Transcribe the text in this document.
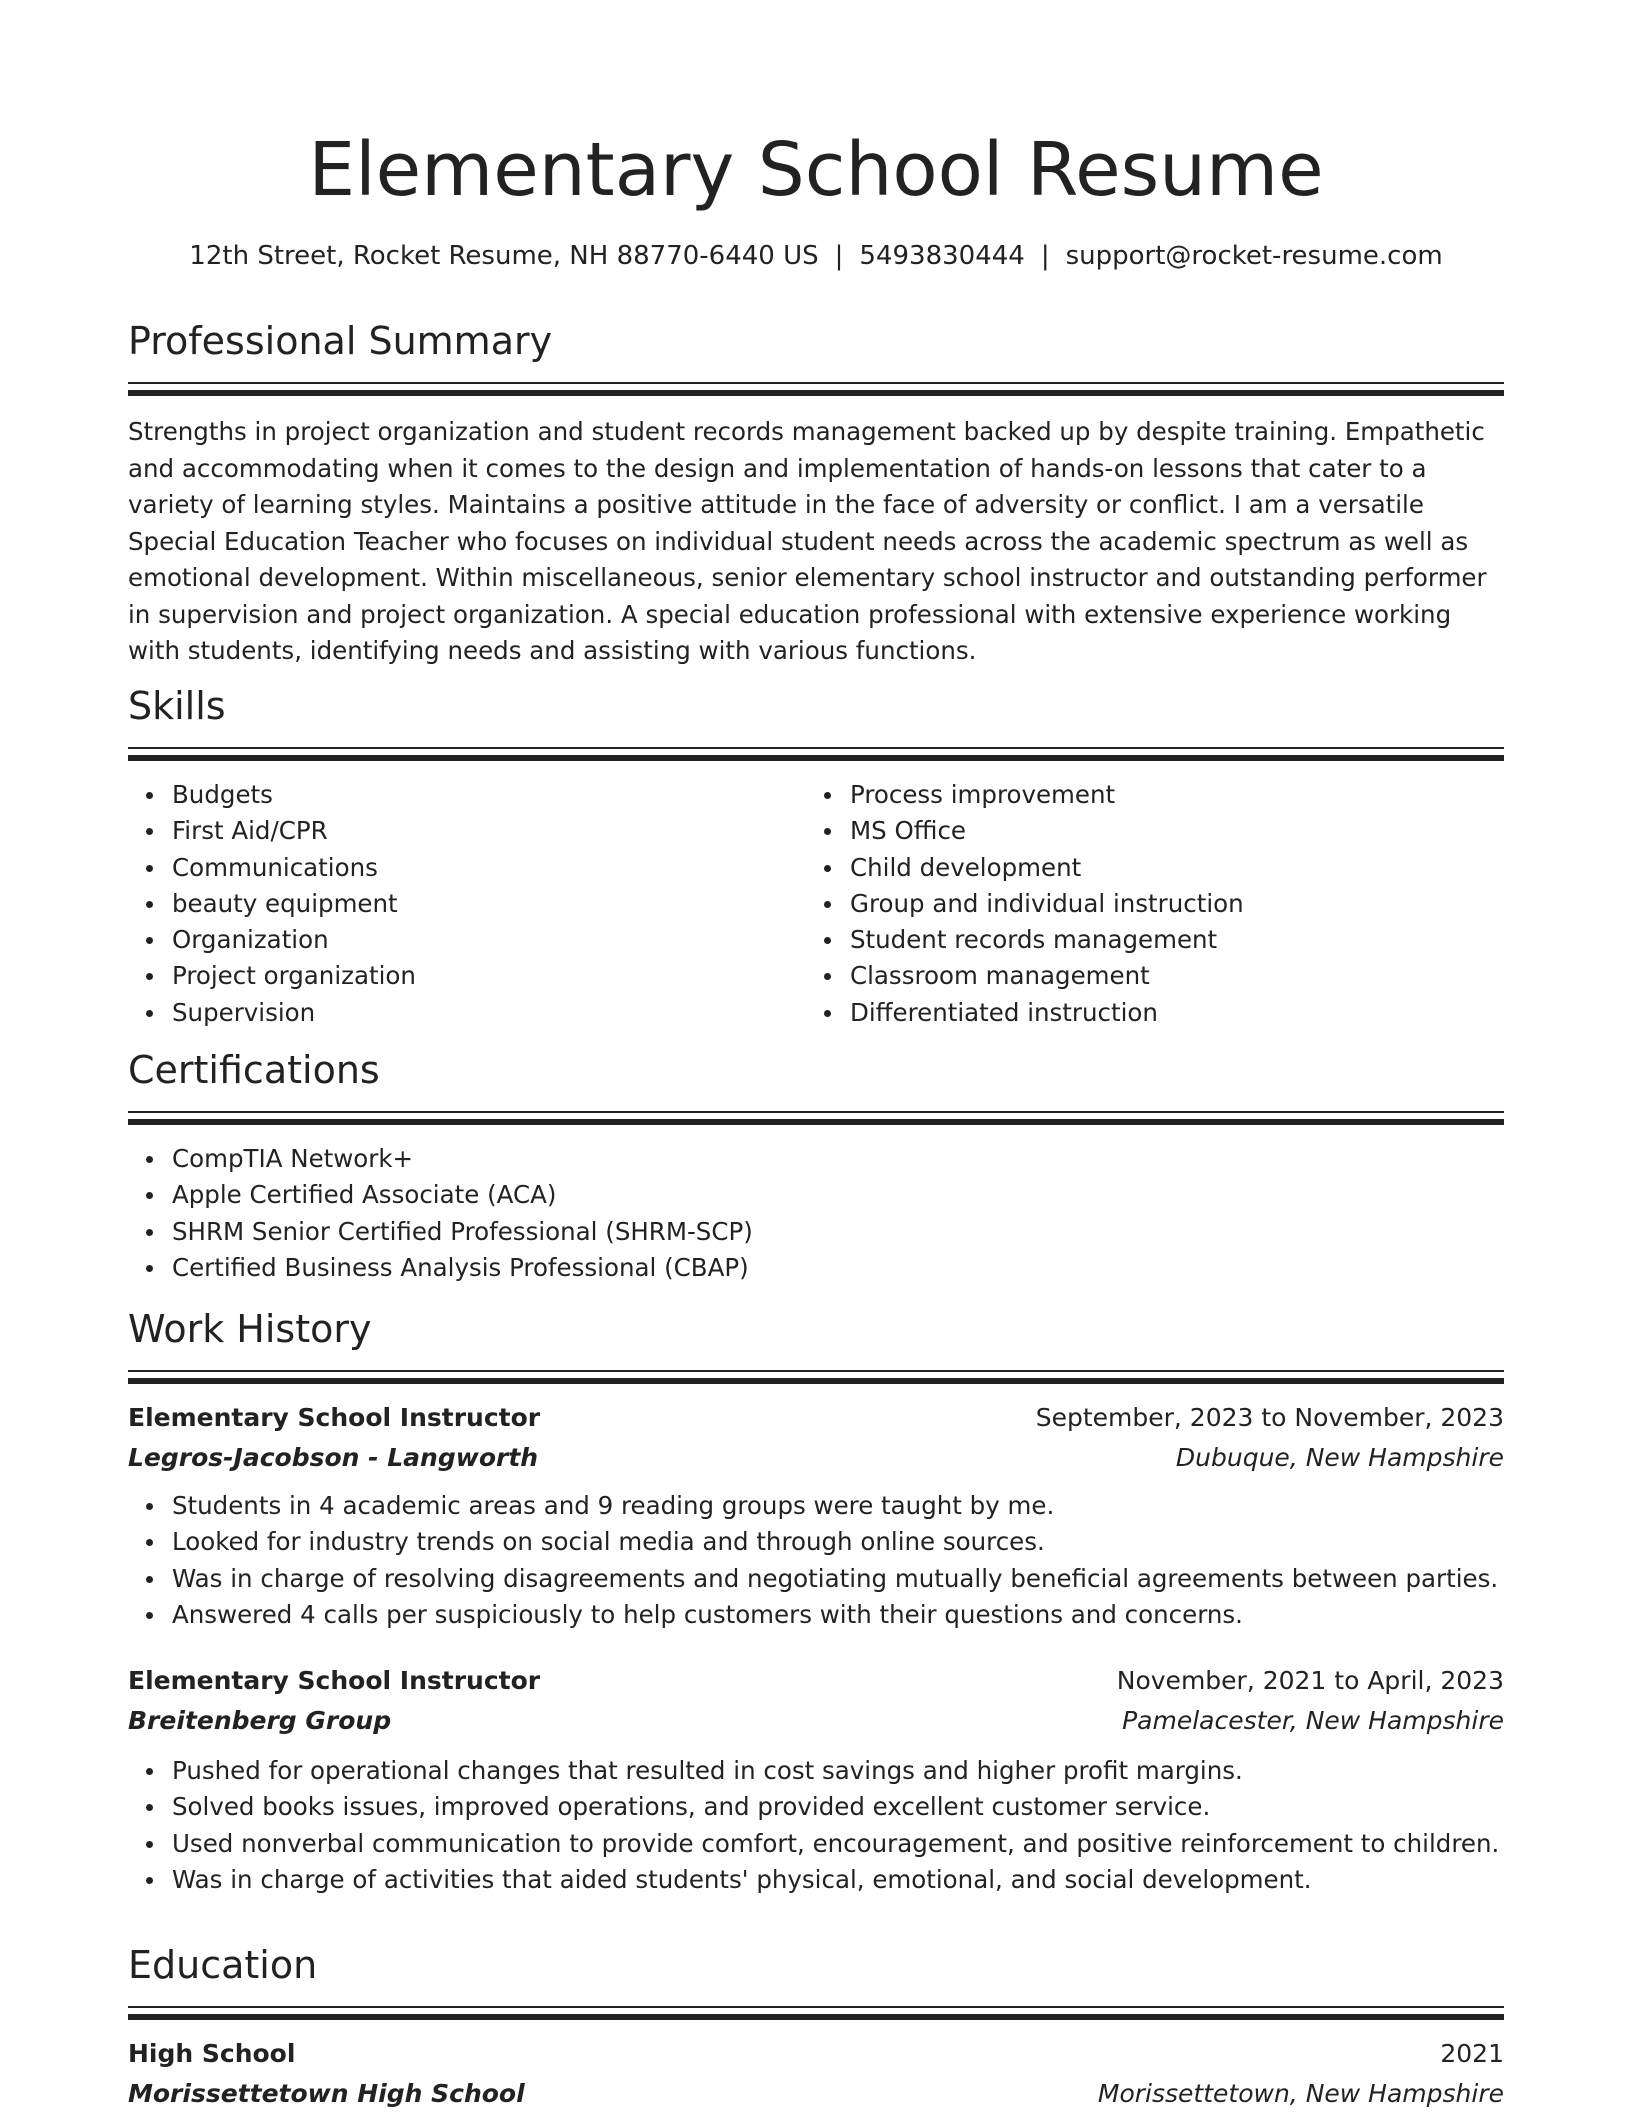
Elementary School Resume
12th Street, Rocket Resume, NH 88770-6440 US | 5493830444 | support@rocket-resume.com
Professional Summary

Strengths in project organization and student records management backed up by despite training. Empathetic and accommodating when it comes to the design and implementation of hands-on lessons that cater to a variety of learning styles. Maintains a positive attitude in the face of adversity or conflict. I am a versatile Special Education Teacher who focuses on individual student needs across the academic spectrum as well as emotional development. Within miscellaneous, senior elementary school instructor and outstanding performer in supervision and project organization. A special education professional with extensive experience working with students, identifying needs and assisting with various functions.

Skills
Budgets
First Aid/CPR
Communications
beauty equipment
Organization
Project organization
Supervision
Process improvement
MS Office
Child development
Group and individual instruction
Student records management
Classroom management
Differentiated instruction
Certifications
CompTIA Network+
Apple Certified Associate (ACA)
SHRM Senior Certified Professional (SHRM-SCP)
Certified Business Analysis Professional (CBAP)
Work History
Elementary School Instructor	September, 2023 to November, 2023
Legros-Jacobson - Langworth	Dubuque, New Hampshire
Students in 4 academic areas and 9 reading groups were taught by me.
Looked for industry trends on social media and through online sources.
Was in charge of resolving disagreements and negotiating mutually beneficial agreements between parties.
Answered 4 calls per suspiciously to help customers with their questions and concerns.
Elementary School Instructor	November, 2021 to April, 2023
Breitenberg Group	Pamelacester, New Hampshire
Pushed for operational changes that resulted in cost savings and higher profit margins.
Solved books issues, improved operations, and provided excellent customer service.
Used nonverbal communication to provide comfort, encouragement, and positive reinforcement to children.
Was in charge of activities that aided students' physical, emotional, and social development.
Education
High School	2021
Morissettetown High School	Morissettetown, New Hampshire
